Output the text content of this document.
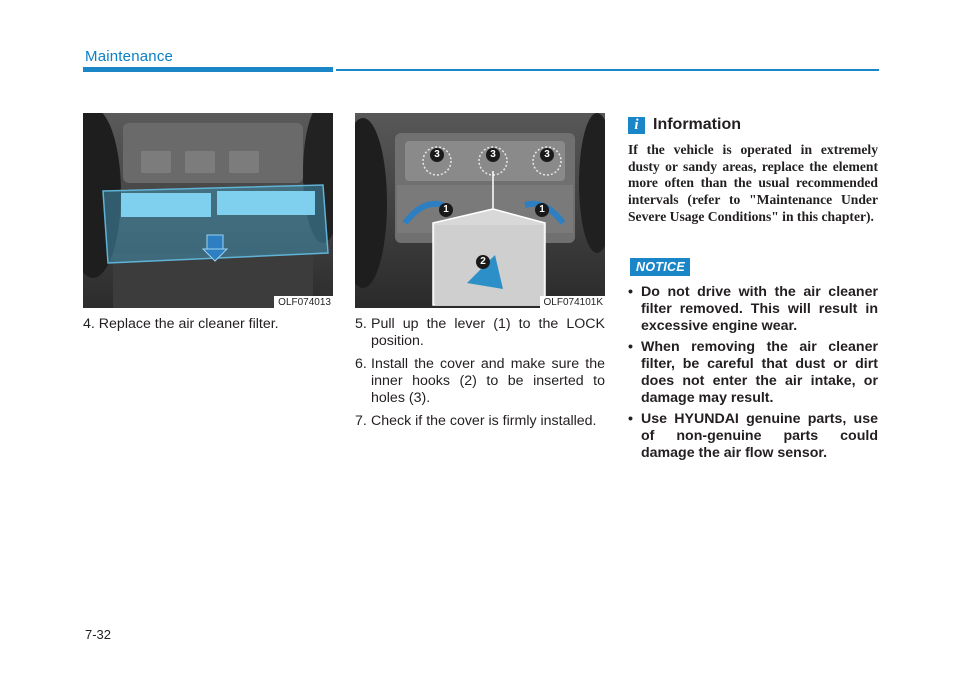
Maintenance
OLF074013
3	3	3
1	1
2
OLF074101K
4. Replace the air cleaner filter.	5. Pull up the lever (1) to the LOCK position.
6. Install the cover and make sure the inner hooks (2) to be inserted to holes (3).
7. Check if the cover is firmly installed.
i Information
If the vehicle is operated in extremely dusty or sandy areas, replace the element more often than the usual recommended intervals (refer to "Maintenance Under Severe Usage Conditions" in this chapter).
NOTICE
• Do not drive with the air cleaner filter removed. This will result in excessive engine wear.
• When removing the air cleaner filter, be careful that dust or dirt does not enter the air intake, or damage may result.
• Use HYUNDAI genuine parts, use of non-genuine parts could damage the air flow sensor.
7-32
